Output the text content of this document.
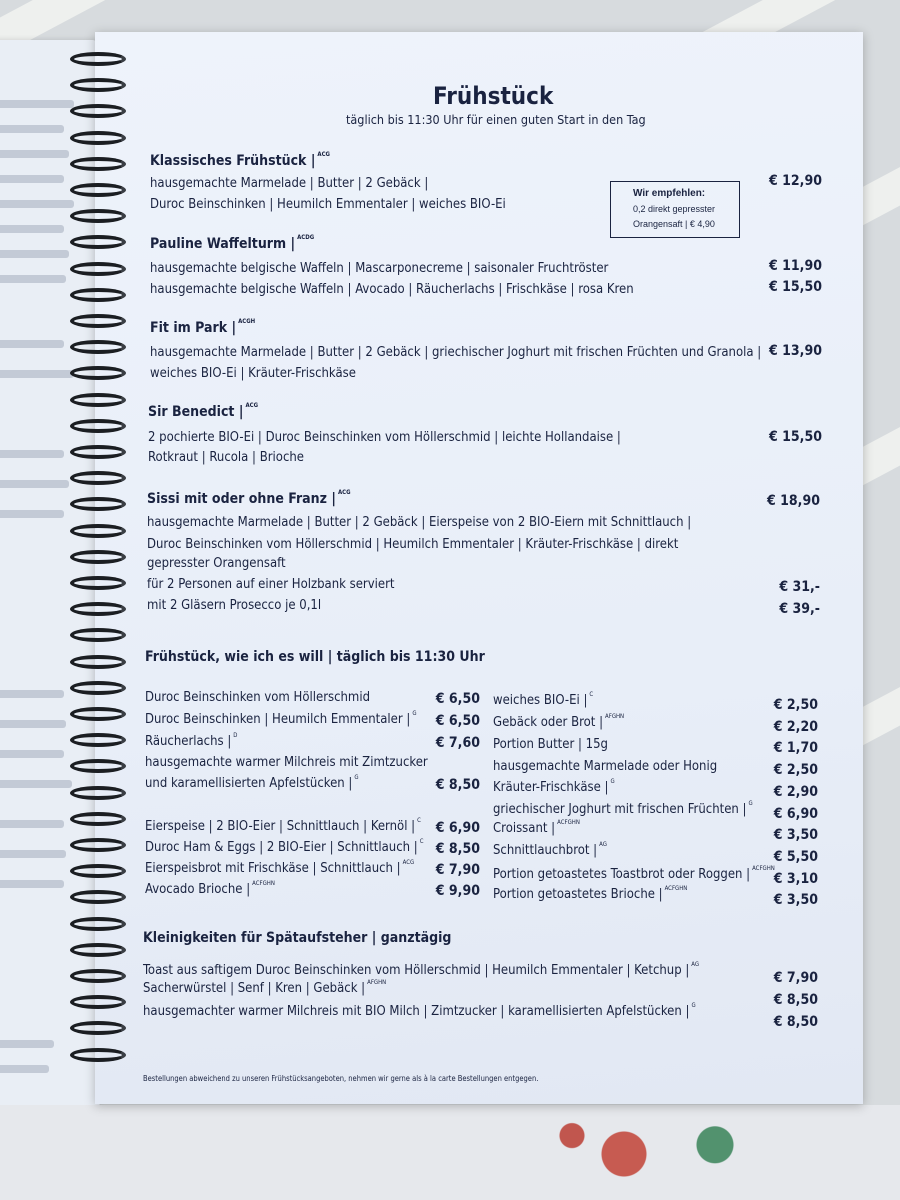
Frühstück
täglich bis 11:30 Uhr für einen guten Start in den Tag
Klassisches Frühstück | $^{ACG}$
hausgemachte Marmelade | Butter | 2 Gebäck |
Duroc Beinschinken | Heumilch Emmentaler | weiches BIO-Ei
€ 12,90
Wir empfehlen:
0,2 direkt gepresster
Orangensaft | € 4,90
Pauline Waffelturm | $^{ACDG}$
hausgemachte belgische Waffeln | Mascarponecreme | saisonaler Fruchtröster	€ 11,90
hausgemachte belgische Waffeln | Avocado | Räucherlachs | Frischkäse | rosa Kren	€ 15,50
Fit im Park | $^{ACGH}$
hausgemachte Marmelade | Butter | 2 Gebäck | griechischer Joghurt mit frischen Früchten und Granola |
weiches BIO-Ei | Kräuter-Frischkäse
€ 13,90
Sir Benedict | $^{ACG}$
2 pochierte BIO-Ei | Duroc Beinschinken vom Höllerschmid | leichte Hollandaise |
Rotkraut | Rucola | Brioche
€ 15,50
Sissi mit oder ohne Franz | $^{ACG}$
€ 18,90
hausgemachte Marmelade | Butter | 2 Gebäck | Eierspeise von 2 BIO-Eiern mit Schnittlauch |
Duroc Beinschinken vom Höllerschmid | Heumilch Emmentaler | Kräuter-Frischkäse | direkt
gepresster Orangensaft
für 2 Personen auf einer Holzbank serviert	€ 31,-
mit 2 Gläsern Prosecco je 0,1l	€ 39,-
Frühstück, wie ich es will | täglich bis 11:30 Uhr
Duroc Beinschinken vom Höllerschmid	€ 6,50
Duroc Beinschinken | Heumilch Emmentaler | $^G$	€ 6,50
Räucherlachs | $^D$	€ 7,60
hausgemachte warmer Milchreis mit Zimtzucker
und karamellisierten Apfelstücken | $^G$	€ 8,50
Eierspeise | 2 BIO-Eier | Schnittlauch | Kernöl | $^C$	€ 6,90
Duroc Ham & Eggs | 2 BIO-Eier | Schnittlauch | $^C$ € 8,50
Eierspeisbrot mit Frischkäse | Schnittlauch | $^{ACG}$	€ 7,90
Avocado Brioche | $^{ACFGHN}$	€ 9,90
weiches BIO-Ei | $^C$
€ 2,50
Gebäck oder Brot | $^{AFGHN}$
€ 2,20
Portion Butter | 15g	€ 1,70
hausgemachte Marmelade oder Honig	€ 2,50
Kräuter-Frischkäse | $^G$
€ 2,90
griechischer Joghurt mit frischen Früchten | $^G$
€ 6,90
Croissant | $^{ACFGHN}$
€ 3,50
Schnittlauchbrot | $^{AG}$
€ 5,50
Portion getoastetes Toastbrot oder Roggen | $^{ACFGHN}$
€ 3,10
Portion getoastetes Brioche | $^{ACFGHN}$
€ 3,50
Kleinigkeiten für Spätaufsteher | ganztägig
Toast aus saftigem Duroc Beinschinken vom Höllerschmid | Heumilch Emmentaler | Ketchup | $^{AG}$
€ 7,90
Sacherwürstel | Senf | Kren | Gebäck | $^{AFGHN}$
€ 8,50
hausgemachter warmer Milchreis mit BIO Milch | Zimtzucker | karamellisierten Apfelstücken | $^G$
€ 8,50
Bestellungen abweichend zu unseren Frühstücksangeboten, nehmen wir gerne als à la carte Bestellungen entgegen.
